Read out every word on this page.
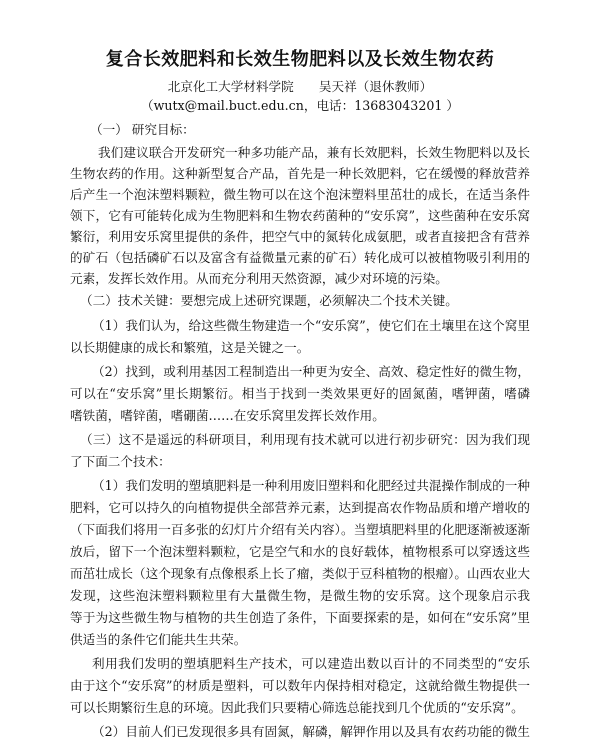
复合长效肥料和长效生物肥料以及长效生物农药
北京化工大学材料学院　　吴天祥（退休教师）
（wutx@mail.buct.edu.cn，电话：13683043201 ）
（一） 研究目标：
我们建议联合开发研究一种多功能产品，兼有长效肥料，长效生物肥料以及长
生物农药的作用。这种新型复合产品，首先是一种长效肥料，它在缓慢的释放营养
后产生一个泡沫塑料颗粒，微生物可以在这个泡沫塑料里茁壮的成长，在适当条件
领下，它有可能转化成为生物肥料和生物农药菌种的“安乐窝”，这些菌种在安乐窝
繁衍，利用安乐窝里提供的条件，把空气中的氮转化成氨肥，或者直接把含有营养
的矿石（包括磷矿石以及富含有益微量元素的矿石）转化成可以被植物吸引利用的
元素，发挥长效作用。从而充分利用天然资源，减少对环境的污染。
（二）技术关键：要想完成上述研究课题，必须解决二个技术关键。
（1）我们认为，给这些微生物建造一个“安乐窝”，使它们在土壤里在这个窝里
以长期健康的成长和繁殖，这是关键之一。
（2）找到，或利用基因工程制造出一种更为安全、高效、稳定性好的微生物，
可以在“安乐窝”里长期繁衍。相当于找到一类效果更好的固氮菌，嗜钾菌，嗜磷
嗜铁菌，嗜锌菌，嗜硼菌……在安乐窝里发挥长效作用。
（三）这不是遥远的科研项目，利用现有技术就可以进行初步研究：因为我们现
了下面二个技术：
（1）我们发明的塑填肥料是一种利用废旧塑料和化肥经过共混操作制成的一种
肥料，它可以持久的向植物提供全部营养元素，达到提高农作物品质和增产增收的
（下面我们将用一百多张的幻灯片介绍有关内容）。当塑填肥料里的化肥逐渐被逐渐
放后，留下一个泡沫塑料颗粒，它是空气和水的良好载体，植物根系可以穿透这些
而茁壮成长（这个现象有点像根系上长了瘤，类似于豆科植物的根瘤）。山西农业大
发现，这些泡沫塑料颗粒里有大量微生物，是微生物的安乐窝。这个现象启示我
等于为这些微生物与植物的共生创造了条件，下面要探索的是，如何在“安乐窝”里
供适当的条件它们能共生共荣。
利用我们发明的塑填肥料生产技术，可以建造出数以百计的不同类型的“安乐
由于这个“安乐窝”的材质是塑料，可以数年内保持相对稳定，这就给微生物提供一
可以长期繁衍生息的环境。因此我们只要精心筛选总能找到几个优质的“安乐窝”。
（2）目前人们已发现很多具有固氮，解磷，解钾作用以及具有农药功能的微生
